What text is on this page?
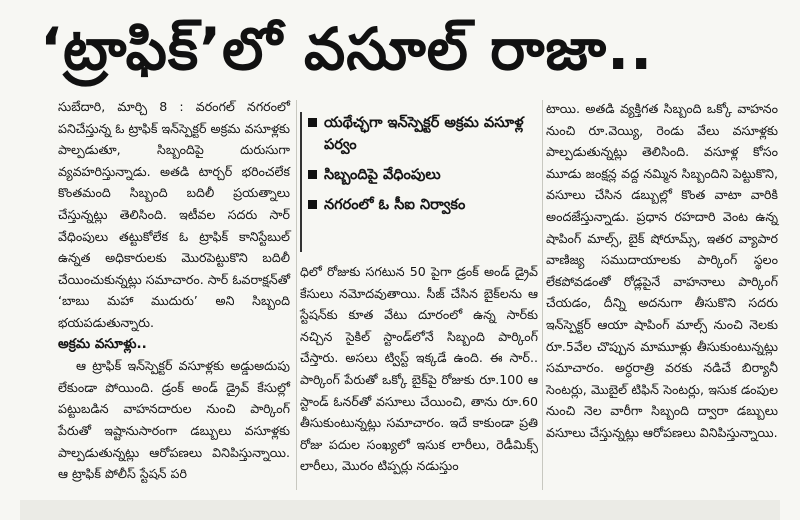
‘ట్రాఫిక్’లో వసూల్ రాజా..

సుబేదారి, మార్చి 8 : వరంగల్ నగరంలో పనిచేస్తున్న ఓ ట్రాఫిక్ ఇన్‌స్పెక్టర్ అక్రమ వసూళ్లకు పాల్పడుతూ, సిబ్బందిపై దురుసుగా వ్యవహరిస్తున్నాడు. అతడి టార్చర్ భరించలేక కొంతమంది సిబ్బంది బదిలీ ప్రయత్నాలు చేస్తున్నట్లు తెలిసింది. ఇటీవల సదరు సార్ వేధింపులు తట్టుకోలేక ఓ ట్రాఫిక్ కానిస్టేబుల్ ఉన్నత అధికారులకు మొరపెట్టుకొని బదిలీ చేయించుకున్నట్లు సమాచారం. సార్ ఓవరాక్షన్‌తో ‘బాబు మహా ముదురు’ అని సిబ్బంది భయపడుతున్నారు.

అక్రమ వసూళ్లు..

ఆ ట్రాఫిక్ ఇన్‌స్పెక్టర్ వసూళ్లకు అడ్డుఅదుపు లేకుండా పోయింది. డ్రంక్ అండ్ డ్రైవ్ కేసుల్లో పట్టుబడిన వాహనదారుల నుంచి పార్కింగ్ పేరుతో ఇష్టానుసారంగా డబ్బులు వసూళ్లకు పాల్పడుతున్నట్లు ఆరోపణలు వినిపిస్తున్నాయి. ఆ ట్రాఫిక్ పోలీస్ స్టేషన్ పరి

యథేచ్ఛగా ఇన్‌స్పెక్టర్ అక్రమ వసూళ్ల పర్వం
సిబ్బందిపై వేధింపులు
నగరంలో ఓ సీఐ నిర్వాకం

ధిలో రోజుకు సగటున 50 పైగా డ్రంక్ అండ్ డ్రైవ్ కేసులు నమోదవుతాయి. సీజ్ చేసిన బైక్‌లను ఆ స్టేషన్‌కు కూత వేటు దూరంలో ఉన్న సార్‌కు నచ్చిన సైకిల్ స్టాండ్‌లోనే సిబ్బంది పార్కింగ్ చేస్తారు. అసలు ట్విస్ట్ ఇక్కడే ఉంది. ఈ సార్.. పార్కింగ్ పేరుతో ఒక్కో బైక్‌పై రోజుకు రూ.100 ఆ స్టాండ్ ఓనర్‌తో వసూలు చేయించి, తాను రూ.60 తీసుకుంటున్నట్లు సమాచారం. ఇదే కాకుండా ప్రతి రోజు పదుల సంఖ్యలో ఇసుక లారీలు, రెడీమిక్స్ లారీలు, మొరం టిప్పర్లు నడుస్తుం

టాయి. అతడి వ్యక్తిగత సిబ్బంది ఒక్కో వాహనం నుంచి రూ.వెయ్యి, రెండు వేలు వసూళ్లకు పాల్పడుతున్నట్లు తెలిసింది. వసూళ్ల కోసం మూడు జంక్షన్ల వద్ద నమ్మిన సిబ్బందిని పెట్టుకొని, వసూలు చేసిన డబ్బుల్లో కొంత వాటా వారికి అందజేస్తున్నాడు. ప్రధాన రహదారి వెంట ఉన్న షాపింగ్ మాల్స్, బైక్ షోరూమ్స్, ఇతర వ్యాపార వాణిజ్య సముదాయాలకు పార్కింగ్ స్థలం లేకపోవడంతో రోడ్లపైనే వాహనాలు పార్కింగ్ చేయడం, దీన్ని అదనుగా తీసుకొని సదరు ఇన్‌స్పెక్టర్ ఆయా షాపింగ్ మాల్స్ నుంచి నెలకు రూ.5వేల చొప్పున మామూళ్లు తీసుకుంటున్నట్లు సమాచారం. అర్ధరాత్రి వరకు నడిచే బిర్యానీ సెంటర్లు, మొబైల్ టిఫిన్ సెంటర్లు, ఇసుక డంపుల నుంచి నెల వారీగా సిబ్బంది ద్వారా డబ్బులు వసూలు చేస్తున్నట్లు ఆరోపణలు వినిపిస్తున్నాయి.
